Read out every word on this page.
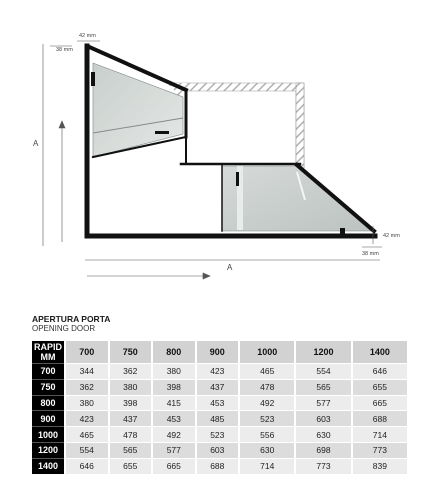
42 mm
38 mm
A
A
42 mm
38 mm
APERTURA PORTA
OPENING DOOR
RAPID
MM	700	750	800	900	1000	1200	1400
700	344	362	380	423	465	554	646
750	362	380	398	437	478	565	655
800	380	398	415	453	492	577	665
900	423	437	453	485	523	603	688
1000	465	478	492	523	556	630	714
1200	554	565	577	603	630	698	773
1400	646	655	665	688	714	773	839
